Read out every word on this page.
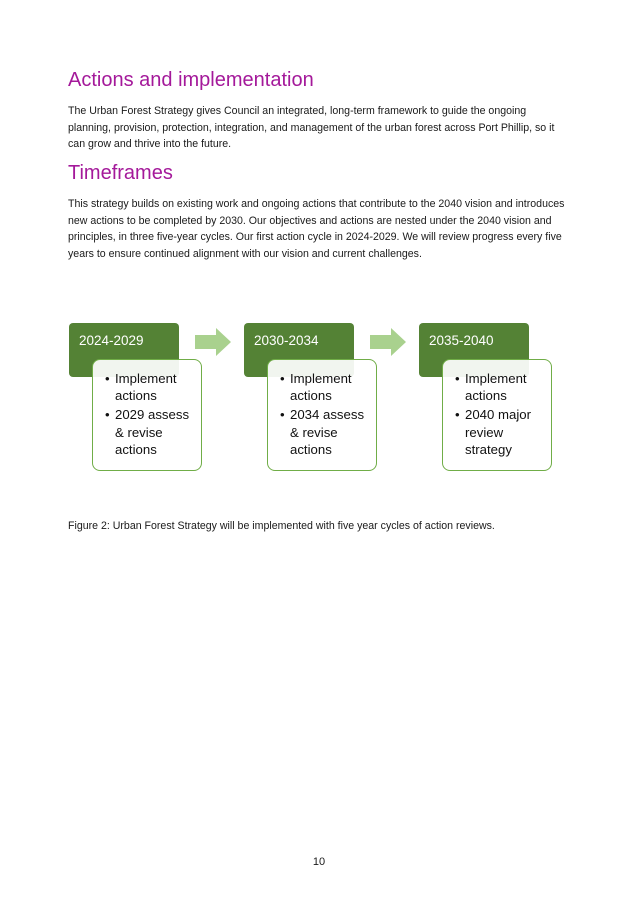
Actions and implementation

The Urban Forest Strategy gives Council an integrated, long-term framework to guide the ongoing planning, provision, protection, integration, and management of the urban forest across Port Phillip, so it can grow and thrive into the future.

Timeframes

This strategy builds on existing work and ongoing actions that contribute to the 2040 vision and introduces new actions to be completed by 2030. Our objectives and actions are nested under the 2040 vision and principles, in three five-year cycles. Our first action cycle in 2024-2029. We will review progress every five years to ensure continued alignment with our vision and current challenges.

2024-2029
• Implement actions
• 2029 assess & revise actions
2030-2034
• Implement actions
• 2034 assess & revise actions
2035-2040
• Implement actions
• 2040 major review strategy

Figure 2: Urban Forest Strategy will be implemented with five year cycles of action reviews.

10
